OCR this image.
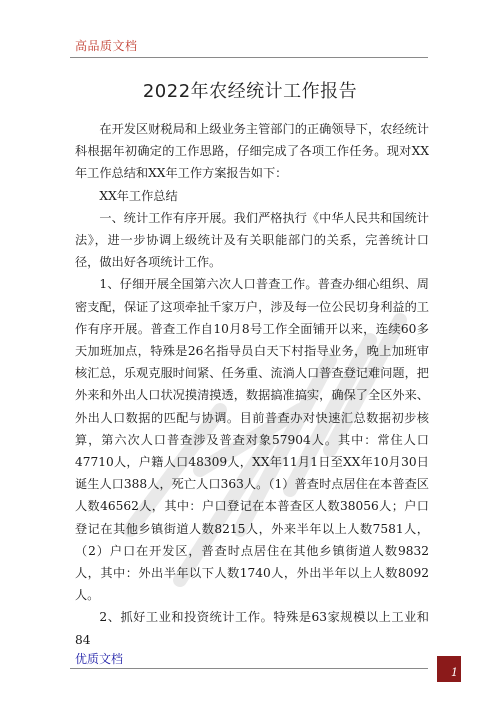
高品质文档
2022年农经统计工作报告

在开发区财税局和上级业务主管部门的正确领导下，农经统计科根据年初确定的工作思路，仔细完成了各项工作任务。现对XX年工作总结和XX年工作方案报告如下：

XX年工作总结

一、统计工作有序开展。我们严格执行《中华人民共和国统计法》，进一步协调上级统计及有关职能部门的关系，完善统计口径，做出好各项统计工作。

1、仔细开展全国第六次人口普查工作。普查办细心组织、周密支配，保证了这项牵扯千家万户，涉及每一位公民切身利益的工作有序开展。普查工作自10月8号工作全面铺开以来，连续60多天加班加点，特殊是26名指导员白天下村指导业务，晚上加班审核汇总，乐观克服时间紧、任务重、流淌人口普查登记难问题，把外来和外出人口状况摸清摸透，数据搞准搞实，确保了全区外来、外出人口数据的匹配与协调。目前普查办对快速汇总数据初步核算，第六次人口普查涉及普查对象57904人。其中：常住人口47710人，户籍人口48309人，XX年11月1日至XX年10月30日诞生人口388人，死亡人口363人。（1）普查时点居住在本普查区人数46562人，其中：户口登记在本普查区人数38056人；户口登记在其他乡镇街道人数8215人，外来半年以上人数7581人，（2）户口在开发区，普查时点居住在其他乡镇街道人数9832人，其中：外出半年以下人数1740人，外出半年以上人数8092人。

2、抓好工业和投资统计工作。特殊是63家规模以上工业和84

优质文档
1
